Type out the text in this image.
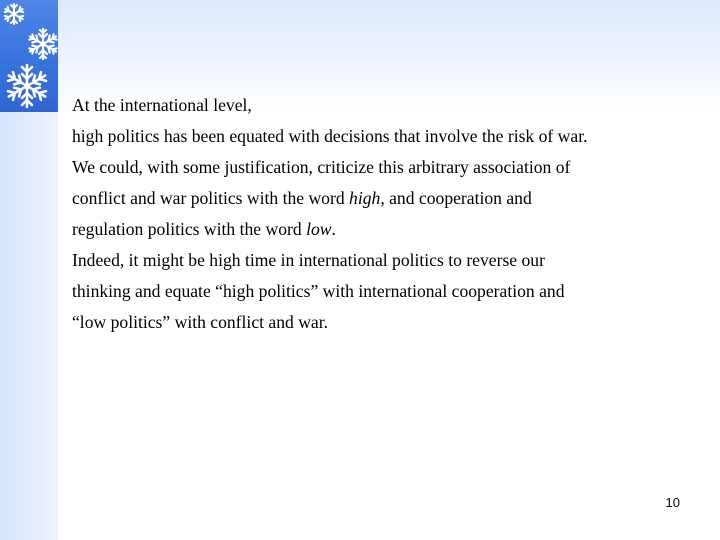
At the international level,

high politics has been equated with decisions that involve the risk of war.

We could, with some justification, criticize this arbitrary association of

conflict and war politics with the word high, and cooperation and

regulation politics with the word low.

Indeed, it might be high time in international politics to reverse our

thinking and equate “high politics” with international cooperation and

“low politics” with conflict and war.

10
